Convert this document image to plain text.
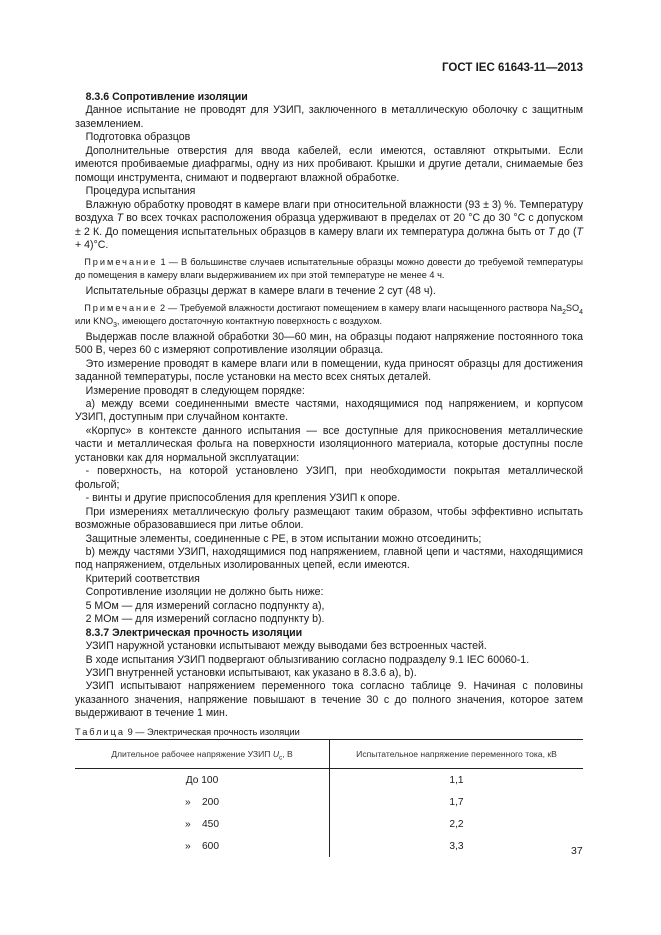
ГОСТ IEC 61643-11—2013

8.3.6 Сопротивление изоляции

Данное испытание не проводят для УЗИП, заключенного в металлическую оболочку с защитным заземлением.

Подготовка образцов

Дополнительные отверстия для ввода кабелей, если имеются, оставляют открытыми. Если имеются пробиваемые диафрагмы, одну из них пробивают. Крышки и другие детали, снимаемые без помощи инструмента, снимают и подвергают влажной обработке.

Процедура испытания

Влажную обработку проводят в камере влаги при относительной влажности (93 ± 3) %. Температуру воздуха T во всех точках расположения образца удерживают в пределах от 20 °С до 30 °С с допуском ± 2 К. До помещения испытательных образцов в камеру влаги их температура должна быть от T до (T + 4)°С.

Примечание 1 — В большинстве случаев испытательные образцы можно довести до требуемой температуры до помещения в камеру влаги выдерживанием их при этой температуре не менее 4 ч.

Испытательные образцы держат в камере влаги в течение 2 сут (48 ч).

Примечание 2 — Требуемой влажности достигают помещением в камеру влаги насыщенного раствора $Na_2SO_4$ или $KNO_3$, имеющего достаточную контактную поверхность с воздухом.

Выдержав после влажной обработки 30—60 мин, на образцы подают напряжение постоянного тока 500 В, через 60 с измеряют сопротивление изоляции образца.

Это измерение проводят в камере влаги или в помещении, куда приносят образцы для достижения заданной температуры, после установки на место всех снятых деталей.

Измерение проводят в следующем порядке:

а) между всеми соединенными вместе частями, находящимися под напряжением, и корпусом УЗИП, доступным при случайном контакте.

«Корпус» в контексте данного испытания — все доступные для прикосновения металлические части и металлическая фольга на поверхности изоляционного материала, которые доступны после установки как для нормальной эксплуатации:

- поверхность, на которой установлено УЗИП, при необходимости покрытая металлической фольгой;

- винты и другие приспособления для крепления УЗИП к опоре.

При измерениях металлическую фольгу размещают таким образом, чтобы эффективно испытать возможные образовавшиеся при литье облои.

Защитные элементы, соединенные с PE, в этом испытании можно отсоединить;

b) между частями УЗИП, находящимися под напряжением, главной цепи и частями, находящимися под напряжением, отдельных изолированных цепей, если имеются.

Критерий соответствия

Сопротивление изоляции не должно быть ниже:

5 МОм — для измерений согласно подпункту а),

2 МОм — для измерений согласно подпункту b).

8.3.7 Электрическая прочность изоляции

УЗИП наружной установки испытывают между выводами без встроенных частей.

В ходе испытания УЗИП подвергают облызгиванию согласно подразделу 9.1 IEC 60060-1.

УЗИП внутренней установки испытывают, как указано в 8.3.6 а), b).

УЗИП испытывают напряжением переменного тока согласно таблице 9. Начиная с половины указанного значения, напряжение повышают в течение 30 с до полного значения, которое затем выдерживают в течение 1 мин.

Таблица 9 — Электрическая прочность изоляции
Длительное рабочее напряжение УЗИП $U_c$, В	Испытательное напряжение переменного тока, кВ
До 100	1,1
»    200	1,7
»    450	2,2
»    600	3,3	37
